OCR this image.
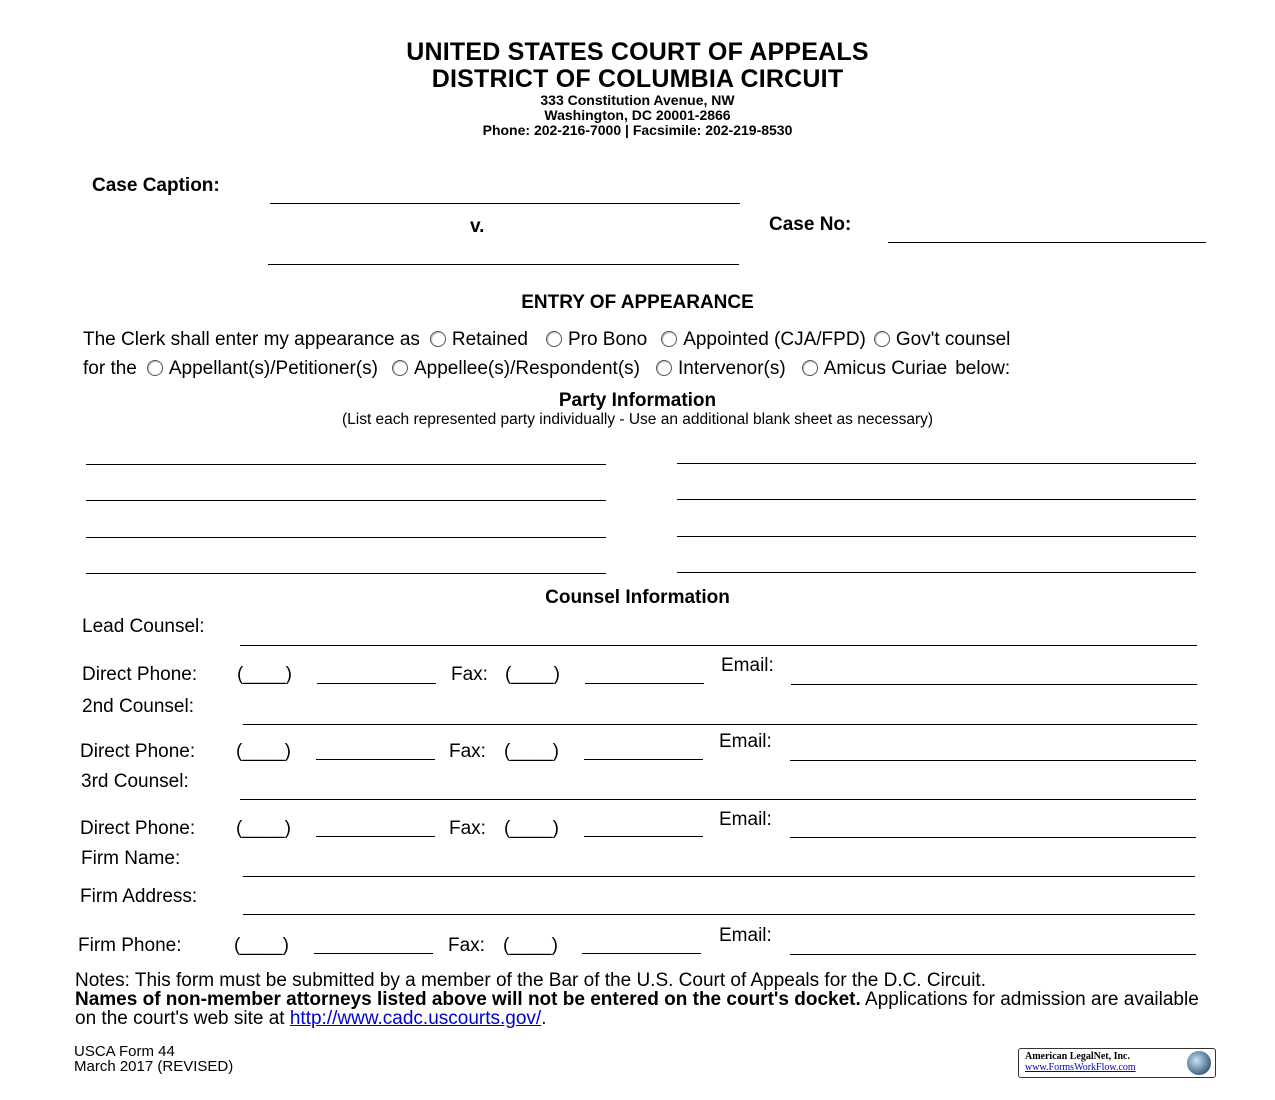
UNITED STATES COURT OF APPEALS
DISTRICT OF COLUMBIA CIRCUIT
333 Constitution Avenue, NW
Washington, DC 20001-2866
Phone: 202-216-7000 | Facsimile: 202-219-8530
Case Caption:
v.	Case No:
ENTRY OF APPEARANCE
The Clerk shall enter my appearance as Retained Pro Bono Appointed (CJA/FPD) Gov't counsel
for the Appellant(s)/Petitioner(s) Appellee(s)/Respondent(s) Intervenor(s) Amicus Curiae below:
Party Information
(List each represented party individually - Use an additional blank sheet as necessary)
Counsel Information
Lead Counsel:
Direct Phone: (____)	Fax: (____)	Email:
2nd Counsel:
Direct Phone: (____)	Fax: (____)	Email:
3rd Counsel:
Direct Phone: (____)	Fax: (____)	Email:
Firm Name:
Firm Address:
Firm Phone:	(____)	Fax: (____)	Email:
Notes: This form must be submitted by a member of the Bar of the U.S. Court of Appeals for the D.C. Circuit.
Names of non-member attorneys listed above will not be entered on the court's docket. Applications for admission are available on the court's web site at http://www.cadc.uscourts.gov/.
USCA Form 44
March 2017 (REVISED)
American LegalNet, Inc.
www.FormsWorkFlow.com
